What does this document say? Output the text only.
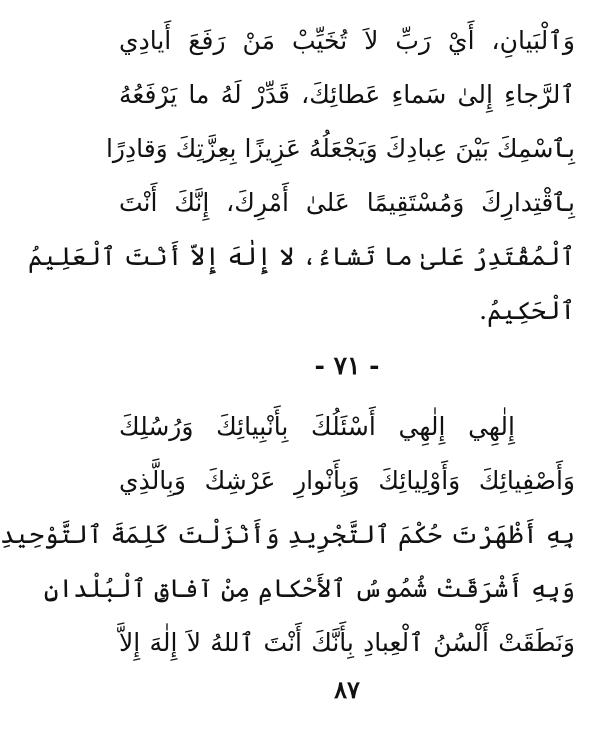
وَٱلْبَيانِ، أَيْ رَبِّ لاَ تُخَيِّبْ مَنْ رَفَعَ أَيادِي
ٱلرَّجاءِ إِلىٰ سَماءِ عَطائِكَ، قَدِّرْ لَهُ ما يَرْفَعُهُ
بِٱسْمِكَ بَيْنَ عِبادِكَ وَيَجْعَلُهُ عَزِيزًا بِعِزَّتِكَ وَقادِرًا
بِٱقْتِدارِكَ وَمُسْتَقِيمًا عَلىٰ أَمْرِكَ، إِنَّكَ أَنْتَ
ٱلْمُقْتَدِرُ عَلىٰ ما تَشاءُ، لا إِلٰهَ إِلاّ أَنْتَ ٱلْعَلِيمُ
ٱلْحَكِيمُ.
- ٧١ -
إِلٰهِي إِلٰهِي أَسْئَلُكَ بِأَنْبِيائِكَ وَرُسُلِكَ
وَأَصْفِيائِكَ وَأَوْلِيائِكَ وَبِأَنْوارِ عَرْشِكَ وَبِالَّذِي
بِهِ أَظْهَرْتَ حُكْمَ ٱلتَّجْرِيدِ وَأَنْزَلْتَ كَلِمَةَ ٱلتَّوْحِيدِ
وَبِهِ أَشْرَقَتْ شُمُوسُ ٱلأَحْكامِ مِنْ آفاقِ ٱلْبُلْدانِ
وَنَطَقَتْ أَلْسُنُ ٱلْعِبادِ بِأَنَّكَ أَنْتَ ٱللهُ لاَ إِلٰهَ إِلاَّ
٨٧
